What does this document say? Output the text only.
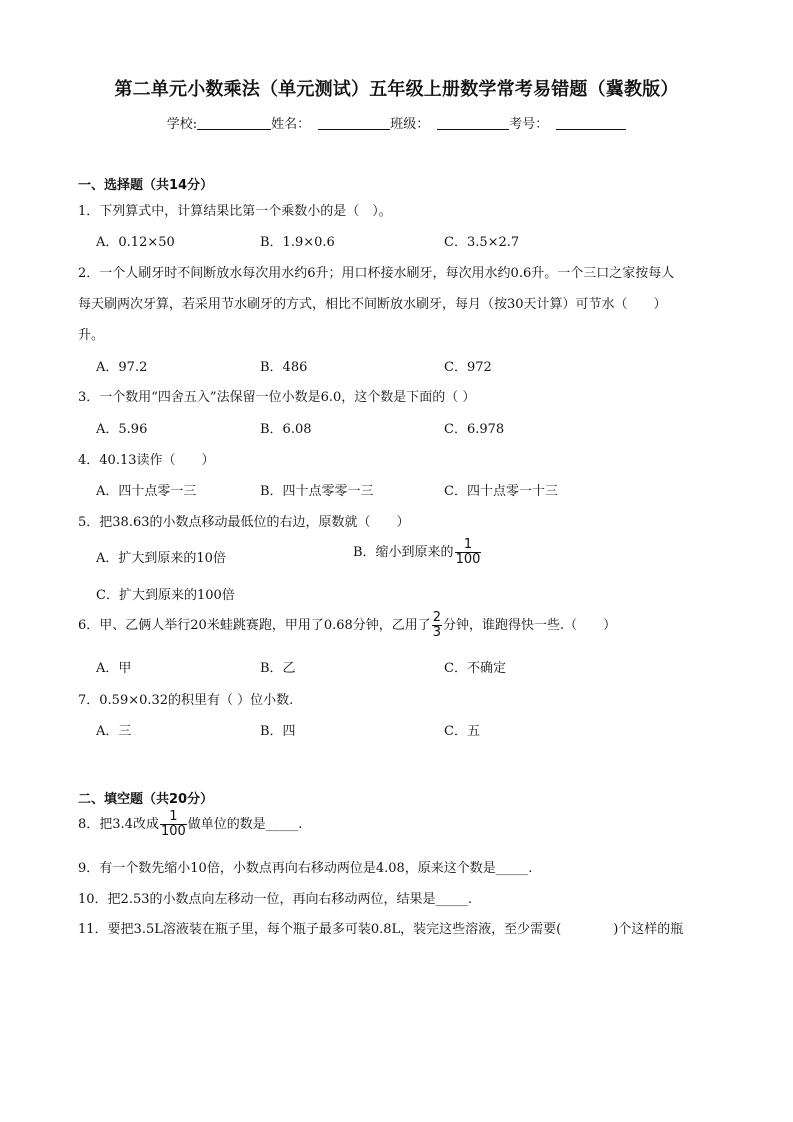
第二单元小数乘法（单元测试）五年级上册数学常考易错题（冀教版）
学校:	姓名：	班级：	考号：
一、选择题（共14分）
1．下列算式中，计算结果比第一个乘数小的是（　）。
A．0.12×50	B．1.9×0.6	C．3.5×2.7
2．一个人刷牙时不间断放水每次用水约6升；用口杯接水刷牙，每次用水约0.6升。一个三口之家按每人
每天刷两次牙算，若采用节水刷牙的方式，相比不间断放水刷牙，每月（按30天计算）可节水（　　）
升。
A．97.2	B．486	C．972
3．一个数用“四舍五入”法保留一位小数是6.0，这个数是下面的（ ）
A．5.96	B．6.08	C．6.978
4．40.13读作（　　）
A．四十点零一三	B．四十点零零一三	C．四十点零一十三
5．把38.63的小数点移动最低位的右边，原数就（　　）
A．扩大到原来的10倍	B．缩小到原来的 $\frac{1}{100}$
C．扩大到原来的100倍
6．甲、乙俩人举行20米蛙跳赛跑，甲用了0.68分钟，乙用了 $\frac{2}{3}$ 分钟，谁跑得快一些.（　　）
A．甲	B．乙	C．不确定
7．0.59×0.32的积里有（ ）位小数.
A．三	B．四	C．五
二、填空题（共20分）
8．把3.4改成 $\frac{1}{100}$ 做单位的数是_____.
9．有一个数先缩小10倍，小数点再向右移动两位是4.08，原来这个数是_____.
10．把2.53的小数点向左移动一位，再向右移动两位，结果是_____.
11．要把3.5L溶液装在瓶子里，每个瓶子最多可装0.8L，装完这些溶液，至少需要(　　　　)个这样的瓶
